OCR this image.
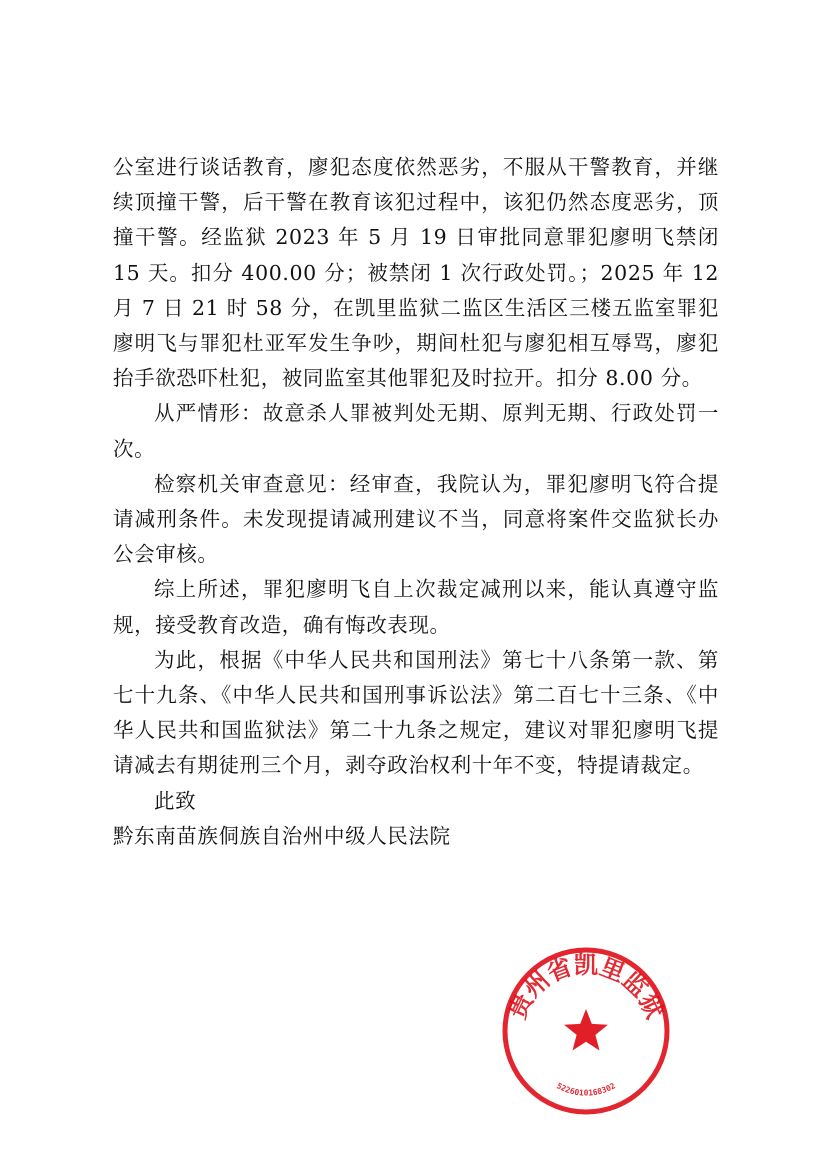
公室进行谈话教育，廖犯态度依然恶劣，不服从干警教育，并继续顶撞干警，后干警在教育该犯过程中，该犯仍然态度恶劣，顶撞干警。经监狱 2023 年 5 月 19 日审批同意罪犯廖明飞禁闭 15 天。扣分 400.00 分；被禁闭 1 次行政处罚。；2025 年 12 月 7 日 21 时 58 分，在凯里监狱二监区生活区三楼五监室罪犯廖明飞与罪犯杜亚军发生争吵，期间杜犯与廖犯相互辱骂，廖犯抬手欲恐吓杜犯，被同监室其他罪犯及时拉开。扣分 8.00 分。

从严情形：故意杀人罪被判处无期、原判无期、行政处罚一次。

检察机关审查意见：经审查，我院认为，罪犯廖明飞符合提请减刑条件。未发现提请减刑建议不当，同意将案件交监狱长办公会审核。

综上所述，罪犯廖明飞自上次裁定减刑以来，能认真遵守监规，接受教育改造，确有悔改表现。

为此，根据《中华人民共和国刑法》第七十八条第一款、第七十九条、《中华人民共和国刑事诉讼法》第二百七十三条、《中华人民共和国监狱法》第二十九条之规定，建议对罪犯廖明飞提请减去有期徒刑三个月，剥夺政治权利十年不变，特提请裁定。

此致

黔东南苗族侗族自治州中级人民法院

贵州省凯里监狱
5226010168302
